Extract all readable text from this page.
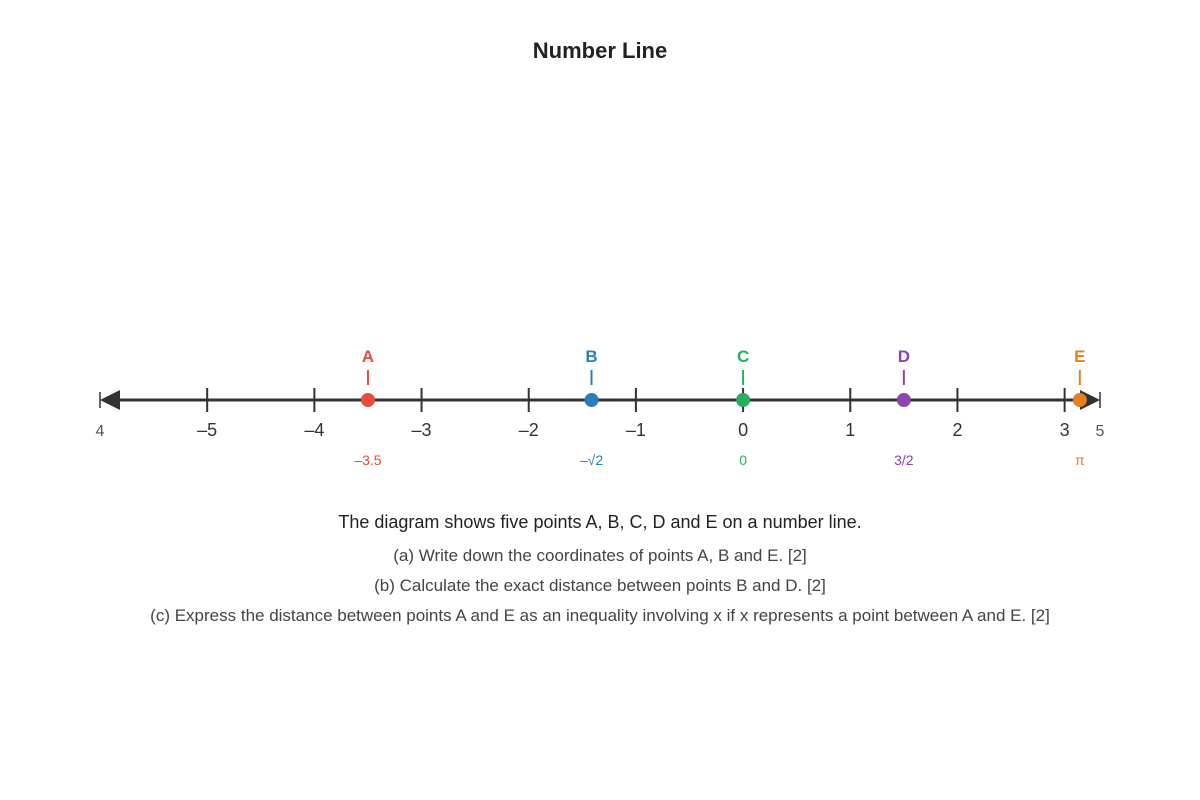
Number Line
4	–5	–4	–3	–2	–1	0	1	2	3 5
A
–3.5
B
–√2
C
0
D
3/2
E
π

The diagram shows five points A, B, C, D and E on a number line.

(a) Write down the coordinates of points A, B and E. [2]

(b) Calculate the exact distance between points B and D. [2]

(c) Express the distance between points A and E as an inequality involving x if x represents a point between A and E. [2]
